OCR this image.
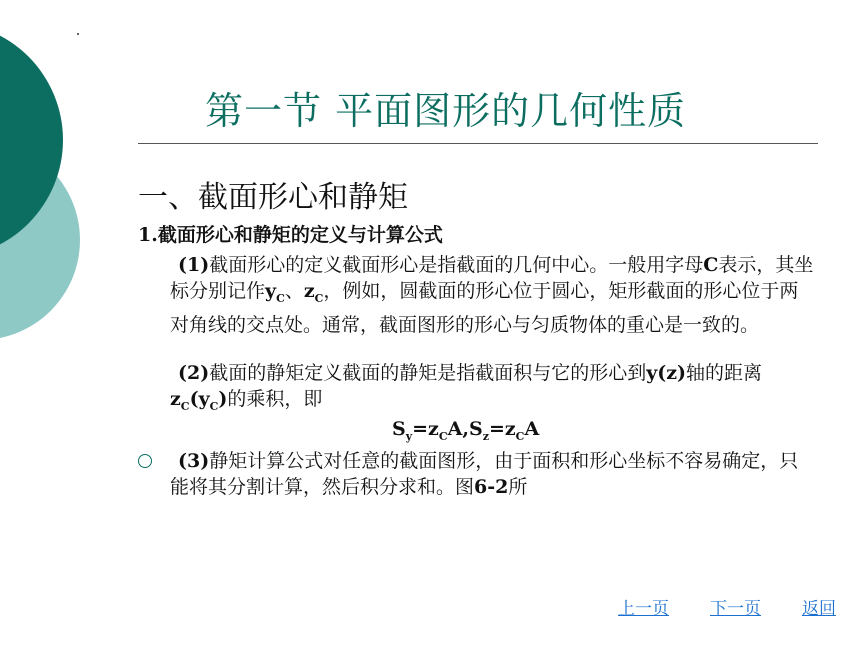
第一节 平面图形的几何性质
一、截面形心和静矩
1.截面形心和静矩的定义与计算公式
(1)截面形心的定义截面形心是指截面的几何中心。一般用字母C表示，其坐标分别记作$y_C$、$z_C$，例如，圆截面的形心位于圆心，矩形截面的形心位于两对角线的交点处。通常，截面图形的形心与匀质物体的重心是一致的。
(2)截面的静矩定义截面的静矩是指截面积与它的形心到y(z)轴的距离$z_C(y_C)$的乘积，即
$S_y=z_CA,S_z=z_CA$
(3)静矩计算公式对任意的截面图形，由于面积和形心坐标不容易确定，只能将其分割计算，然后积分求和。图6-2所
上一页 下一页 返回
